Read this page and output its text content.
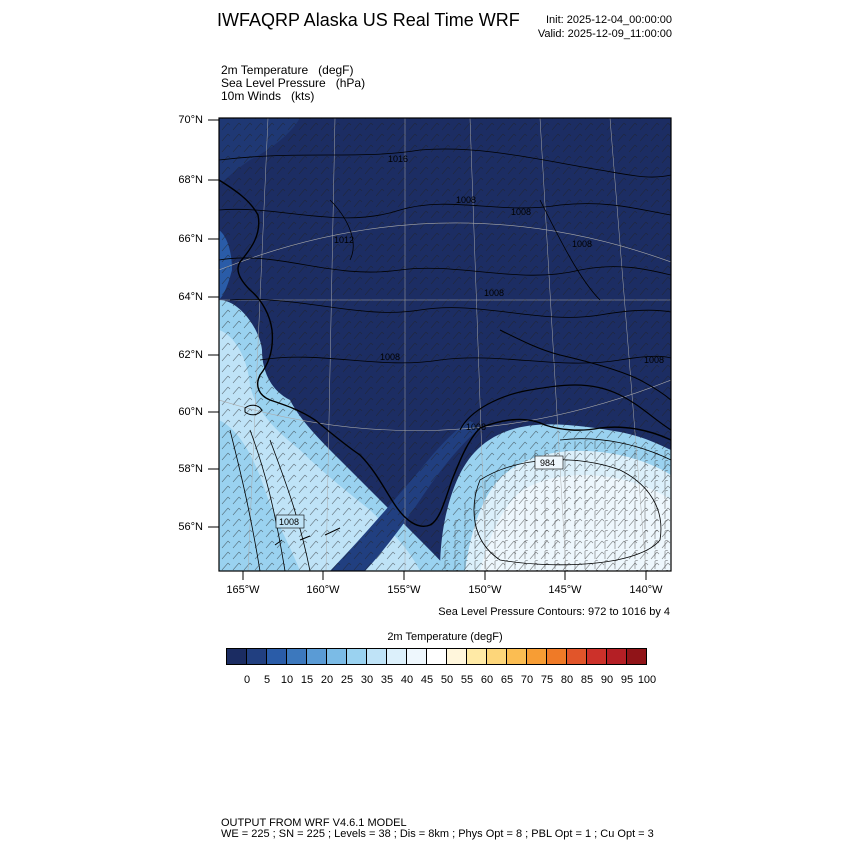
IWFAQRP Alaska US Real Time WRF	Init: 2025-12-04_00:00:00
Valid: 2025-12-09_11:00:00
2m Temperature   (degF)
Sea Level Pressure   (hPa)
10m Winds   (kts)
1016
1008
1008
1012	1008
1008
1008	1008
984
1008
1008
70°N
68°N
66°N
64°N
62°N
60°N
58°N
56°N
165°W	160°W	155°W	150°W	145°W	140°W
Sea Level Pressure Contours: 972 to 1016 by 4
2m Temperature (degF)
0	5 10 15 20 25 30 35 40 45 50 55 60 65 70 75 80 85 90 95 100
OUTPUT FROM WRF V4.6.1 MODEL
WE = 225 ; SN = 225 ; Levels = 38 ; Dis = 8km ; Phys Opt = 8 ; PBL Opt = 1 ; Cu Opt = 3
